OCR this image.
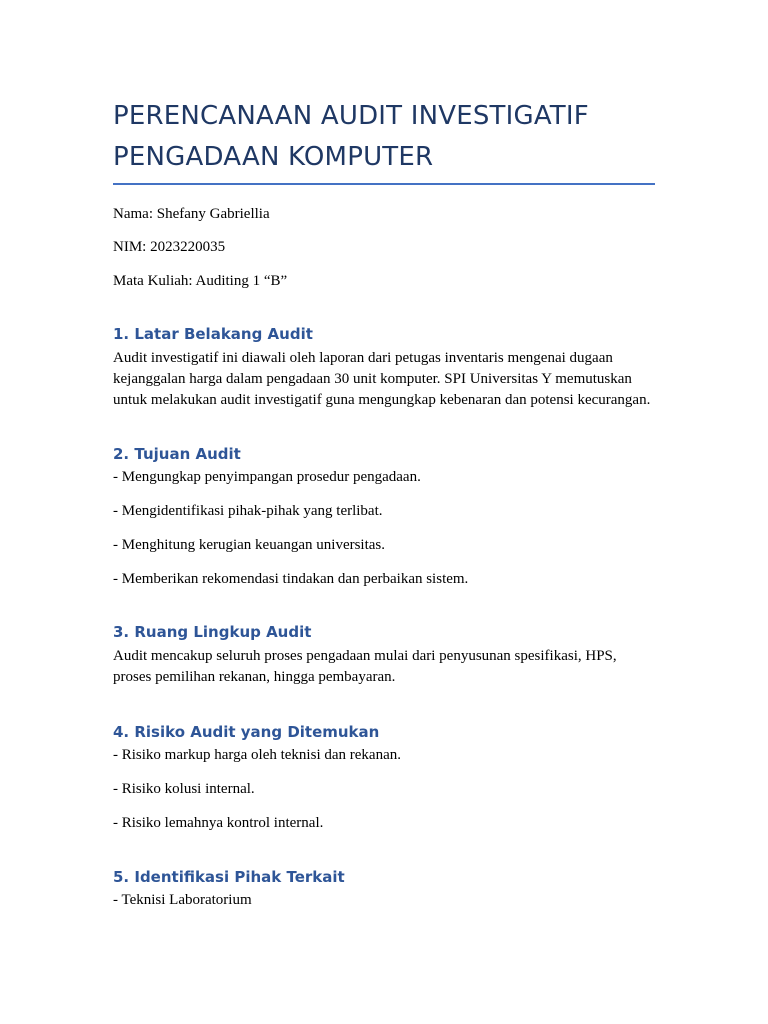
PERENCANAAN AUDIT INVESTIGATIF
PENGADAAN KOMPUTER

Nama: Shefany Gabriellia

NIM: 2023220035

Mata Kuliah: Auditing 1 “B”

1. Latar Belakang Audit

Audit investigatif ini diawali oleh laporan dari petugas inventaris mengenai dugaan
kejanggalan harga dalam pengadaan 30 unit komputer. SPI Universitas Y memutuskan
untuk melakukan audit investigatif guna mengungkap kebenaran dan potensi kecurangan.

2. Tujuan Audit

- Mengungkap penyimpangan prosedur pengadaan.

- Mengidentifikasi pihak-pihak yang terlibat.

- Menghitung kerugian keuangan universitas.

- Memberikan rekomendasi tindakan dan perbaikan sistem.

3. Ruang Lingkup Audit

Audit mencakup seluruh proses pengadaan mulai dari penyusunan spesifikasi, HPS,
proses pemilihan rekanan, hingga pembayaran.

4. Risiko Audit yang Ditemukan

- Risiko markup harga oleh teknisi dan rekanan.

- Risiko kolusi internal.

- Risiko lemahnya kontrol internal.

5. Identifikasi Pihak Terkait

- Teknisi Laboratorium
